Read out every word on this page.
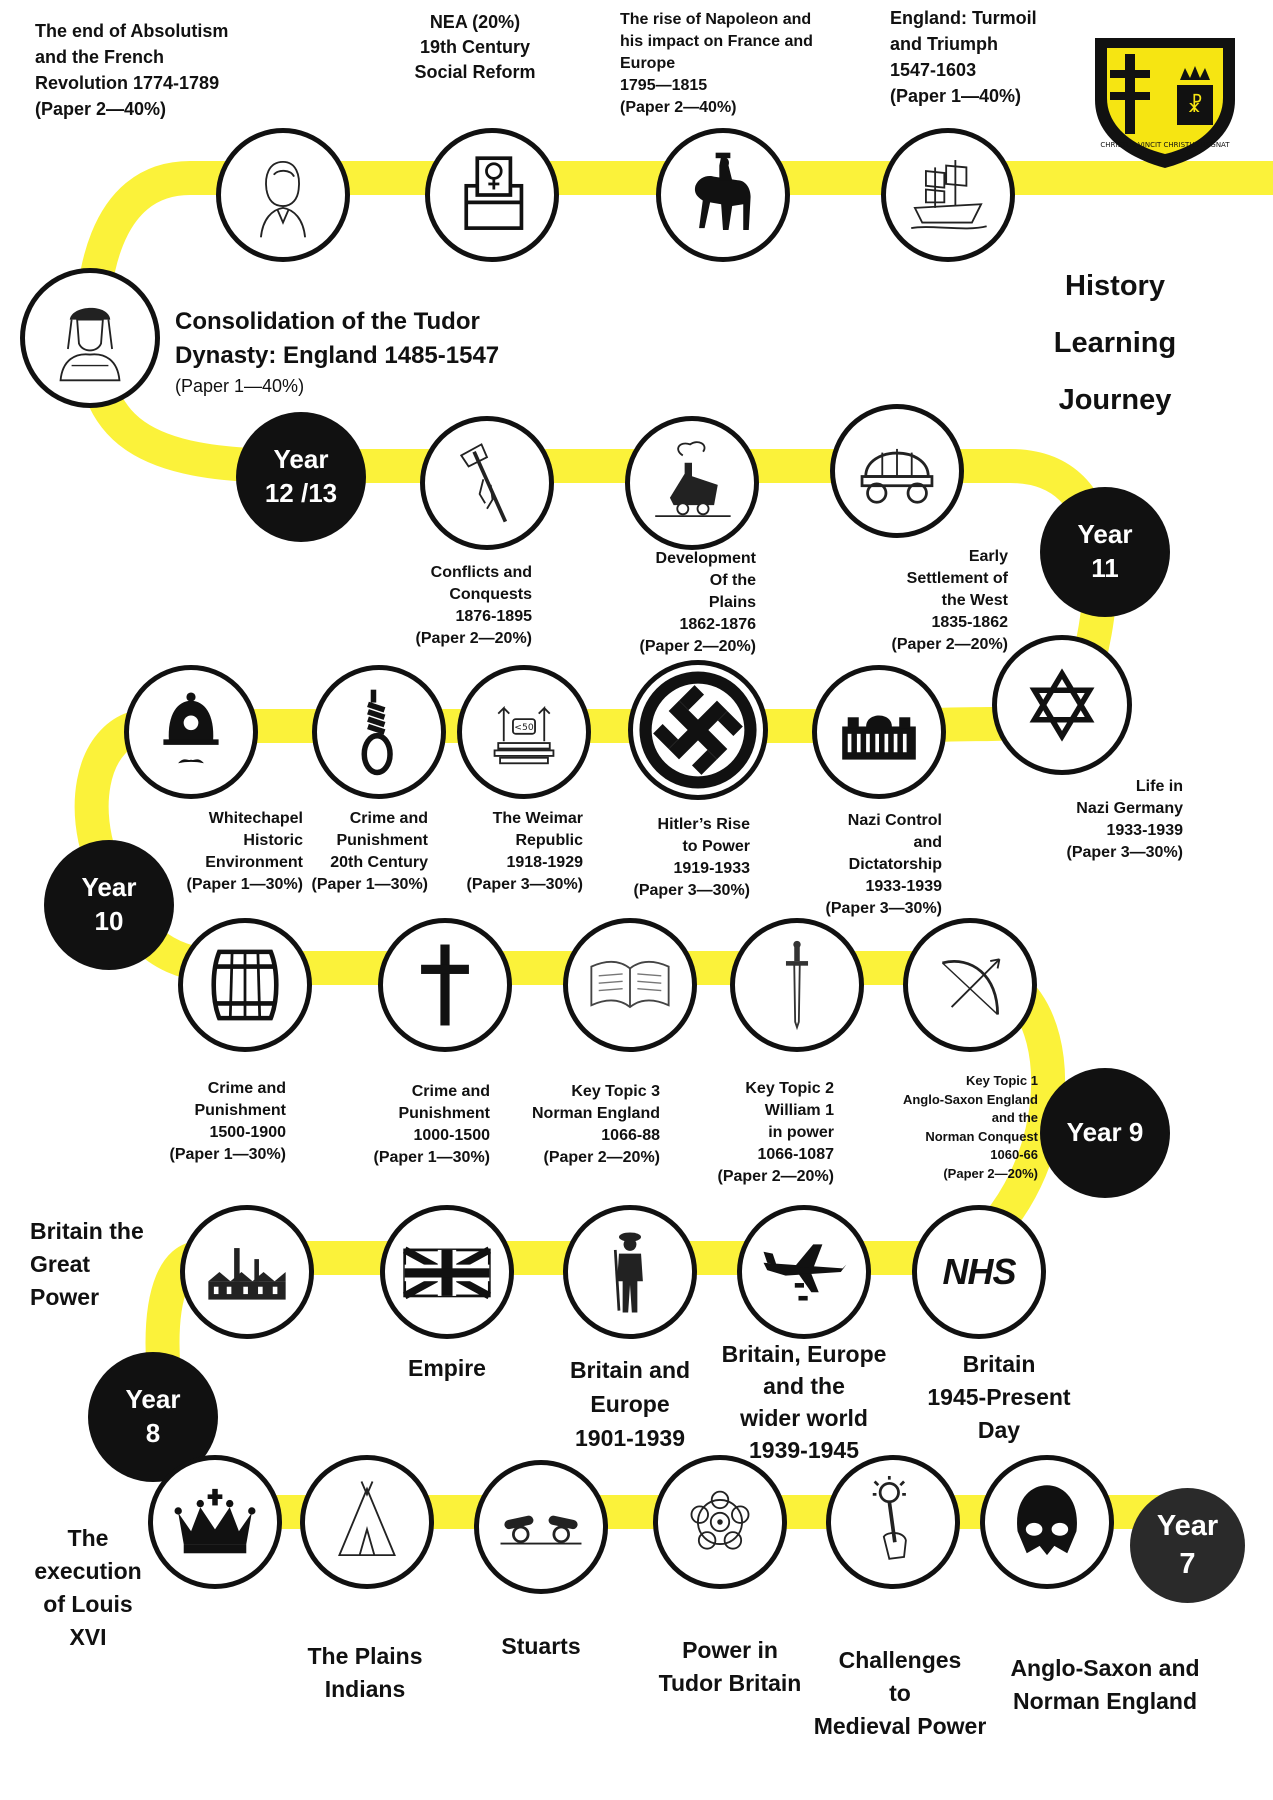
☧
CHRISTUS VINCIT CHRISTUS REGNAT
History
Learning
Journey
Year
12 /13
Year
11
Year
10
Year 9
Year
8
Year
7
<50
NHS
The end of Absolutism
and the French
Revolution 1774-1789
(Paper 2—40%)
NEA (20%)
19th Century
Social Reform
The rise of Napoleon and
his impact on France and
Europe
1795—1815
(Paper 2—40%)
England: Turmoil
and Triumph
1547-1603
(Paper 1—40%)
Consolidation of the Tudor
Dynasty: England 1485-1547
(Paper 1—40%)
Conflicts and
Conquests
1876-1895
(Paper 2—20%)
Development
Of the
Plains
1862-1876
(Paper 2—20%)
Early
Settlement of
the West
1835-1862
(Paper 2—20%)
Life in
Nazi Germany
1933-1939
(Paper 3—30%)
Whitechapel
Historic
Environment
(Paper 1—30%)
Crime and
Punishment
20th Century
(Paper 1—30%)
The Weimar
Republic
1918-1929
(Paper 3—30%)
Hitler’s Rise
to Power
1919-1933
(Paper 3—30%)
Nazi Control
and
Dictatorship
1933-1939
(Paper 3—30%)
Crime and
Punishment
1500-1900
(Paper 1—30%)
Crime and
Punishment
1000-1500
(Paper 1—30%)
Key Topic 3
Norman England
1066-88
(Paper 2—20%)
Key Topic 2
William 1
in power
1066-1087
(Paper 2—20%)
Key Topic 1
Anglo-Saxon England
and the
Norman Conquest
1060-66
(Paper 2—20%)
Britain the
Great
Power
Empire	Britain and
Europe
1901-1939
Britain, Europe
and the
wider world
1939-1945
Britain
1945-Present
Day
The
execution
of Louis
XVI
The Plains
Indians
Stuarts	Power in
Tudor Britain
Challenges
to
Medieval Power
Anglo-Saxon and
Norman England
